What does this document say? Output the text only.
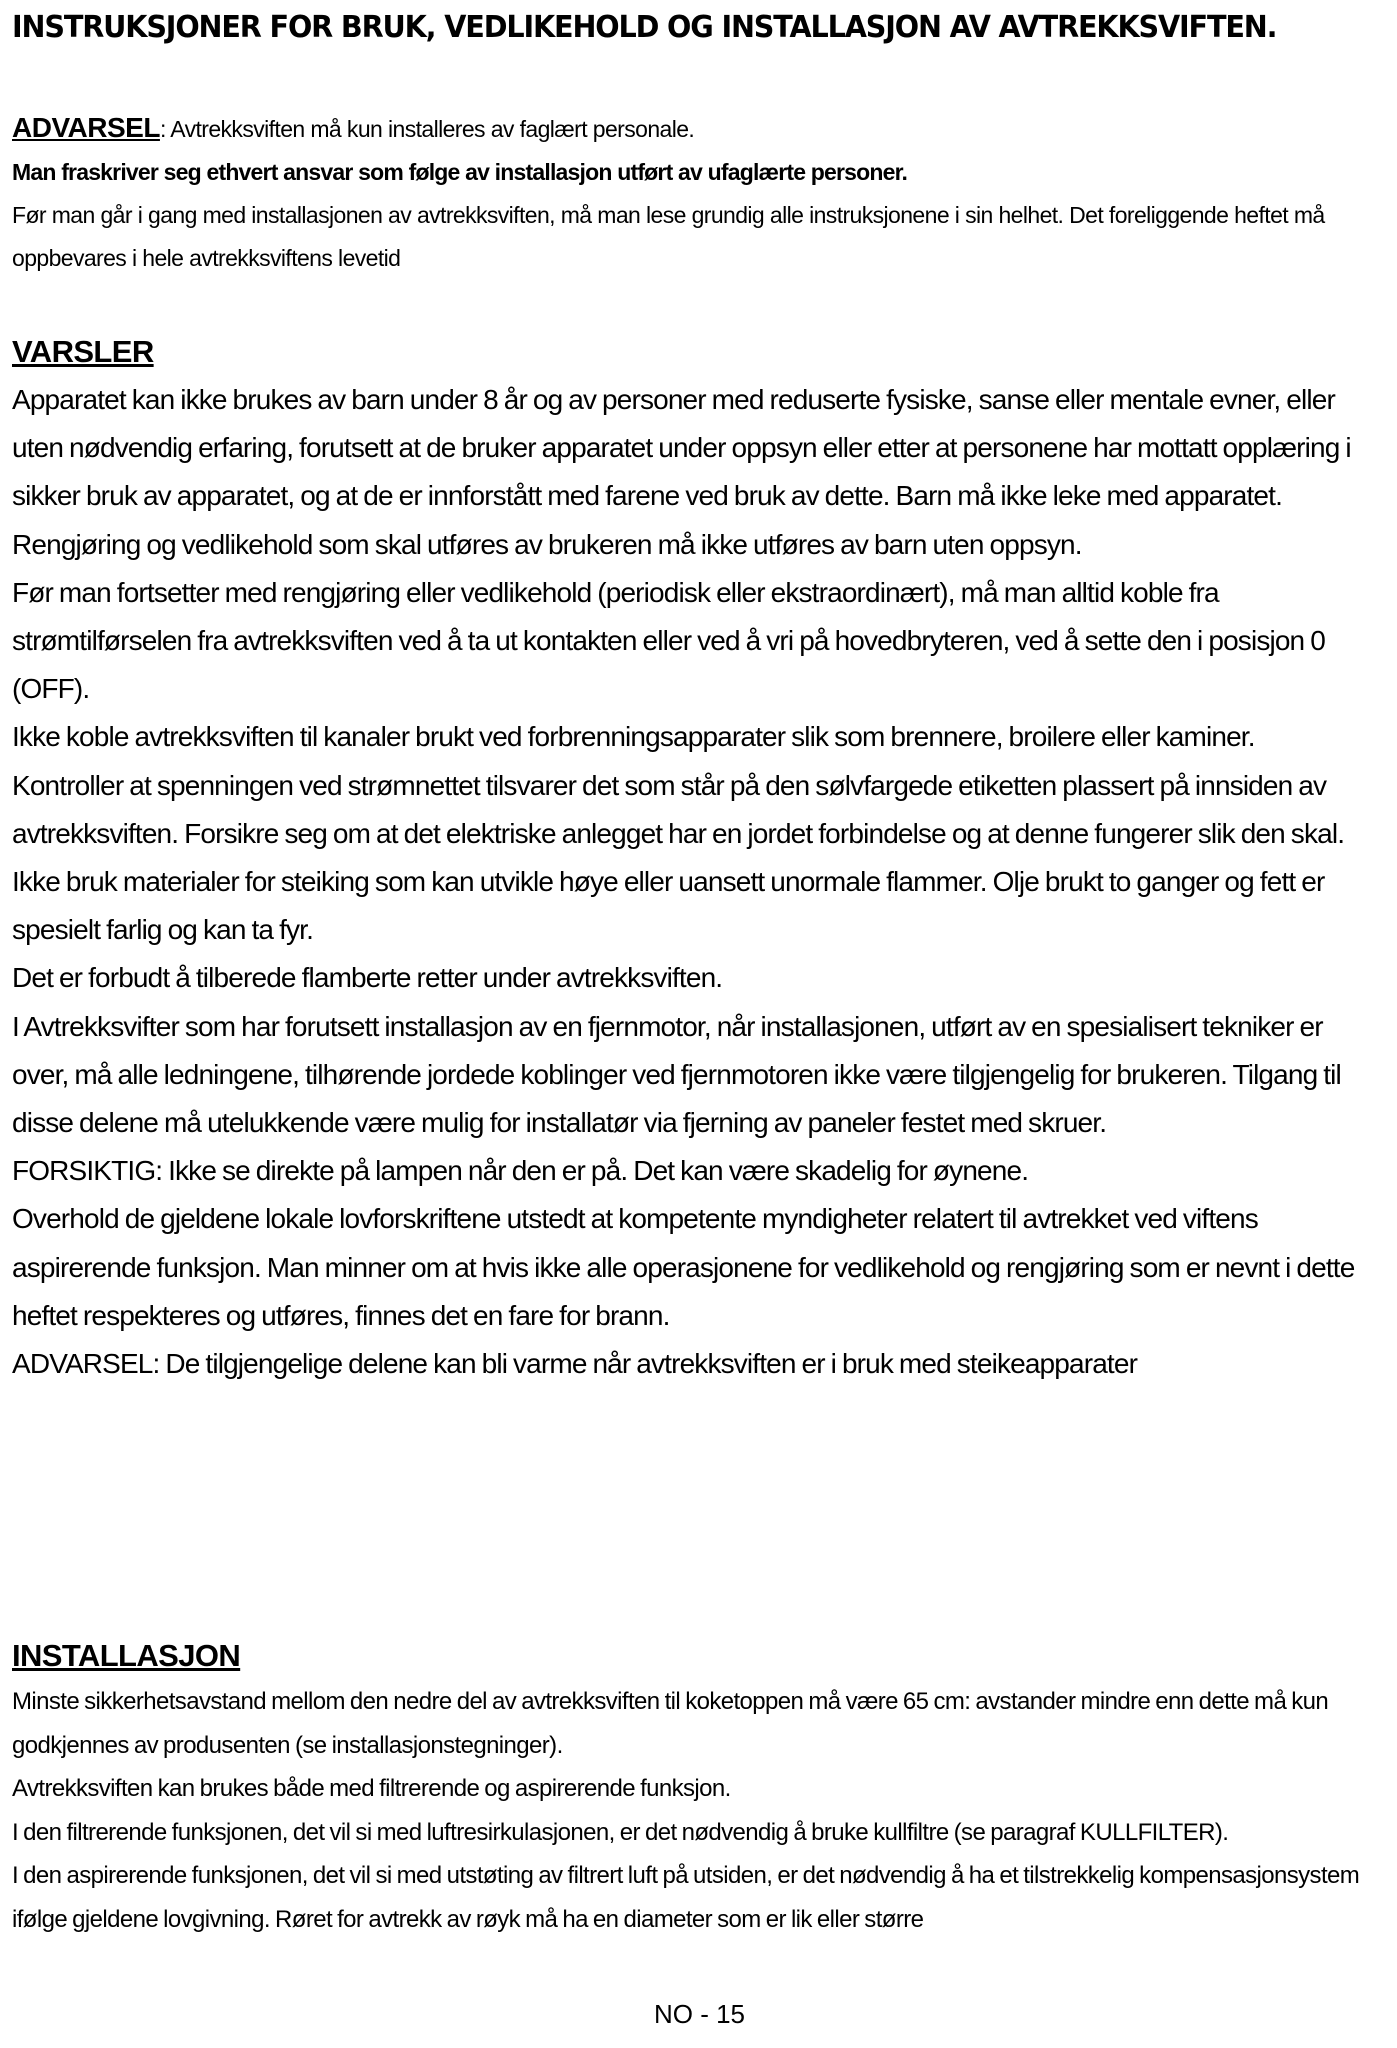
INSTRUKSJONER FOR BRUK, VEDLIKEHOLD OG INSTALLASJON AV AVTREKKSVIFTEN.

ADVARSEL: Avtrekksviften må kun installeres av faglært personale.

Man fraskriver seg ethvert ansvar som følge av installasjon utført av ufaglærte personer.

Før man går i gang med installasjonen av avtrekksviften, må man lese grundig alle instruksjonene i sin helhet. Det foreliggende heftet må oppbevares i hele avtrekksviftens levetid

VARSLER

Apparatet kan ikke brukes av barn under 8 år og av personer med reduserte fysiske, sanse eller mentale evner, eller uten nødvendig erfaring, forutsett at de bruker apparatet under oppsyn eller etter at personene har mottatt opplæring i sikker bruk av apparatet, og at de er innforstått med farene ved bruk av dette. Barn må ikke leke med apparatet. Rengjøring og vedlikehold som skal utføres av brukeren må ikke utføres av barn uten oppsyn.

Før man fortsetter med rengjøring eller vedlikehold (periodisk eller ekstraordinært), må man alltid koble fra strømtilførselen fra avtrekksviften ved å ta ut kontakten eller ved å vri på hovedbryteren, ved å sette den i posisjon 0 (OFF).

Ikke koble avtrekksviften til kanaler brukt ved forbrenningsapparater slik som brennere, broilere eller kaminer.

Kontroller at spenningen ved strømnettet tilsvarer det som står på den sølvfargede etiketten plassert på innsiden av avtrekksviften. Forsikre seg om at det elektriske anlegget har en jordet forbindelse og at denne fungerer slik den skal.

Ikke bruk materialer for steiking som kan utvikle høye eller uansett unormale flammer. Olje brukt to ganger og fett er spesielt farlig og kan ta fyr.

Det er forbudt å tilberede flamberte retter under avtrekksviften.

I Avtrekksvifter som har forutsett installasjon av en fjernmotor, når installasjonen, utført av en spesialisert tekniker er over, må alle ledningene, tilhørende jordede koblinger ved fjernmotoren ikke være tilgjengelig for brukeren. Tilgang til disse delene må utelukkende være mulig for installatør via fjerning av paneler festet med skruer.

FORSIKTIG: Ikke se direkte på lampen når den er på. Det kan være skadelig for øynene.

Overhold de gjeldene lokale lovforskriftene utstedt at kompetente myndigheter relatert til avtrekket ved viftens aspirerende funksjon. Man minner om at hvis ikke alle operasjonene for vedlikehold og rengjøring som er nevnt i dette heftet respekteres og utføres, finnes det en fare for brann.

ADVARSEL: De tilgjengelige delene kan bli varme når avtrekksviften er i bruk med steikeapparater

INSTALLASJON

Minste sikkerhetsavstand mellom den nedre del av avtrekksviften til koketoppen må være 65 cm: avstander mindre enn dette må kun godkjennes av produsenten (se installasjonstegninger).

Avtrekksviften kan brukes både med filtrerende og aspirerende funksjon.

I den filtrerende funksjonen, det vil si med luftresirkulasjonen, er det nødvendig å bruke kullfiltre (se paragraf KULLFILTER).

I den aspirerende funksjonen, det vil si med utstøting av filtrert luft på utsiden, er det nødvendig å ha et tilstrekkelig kompensasjonsystem ifølge gjeldene lovgivning. Røret for avtrekk av røyk må ha en diameter som er lik eller større

NO - 15
